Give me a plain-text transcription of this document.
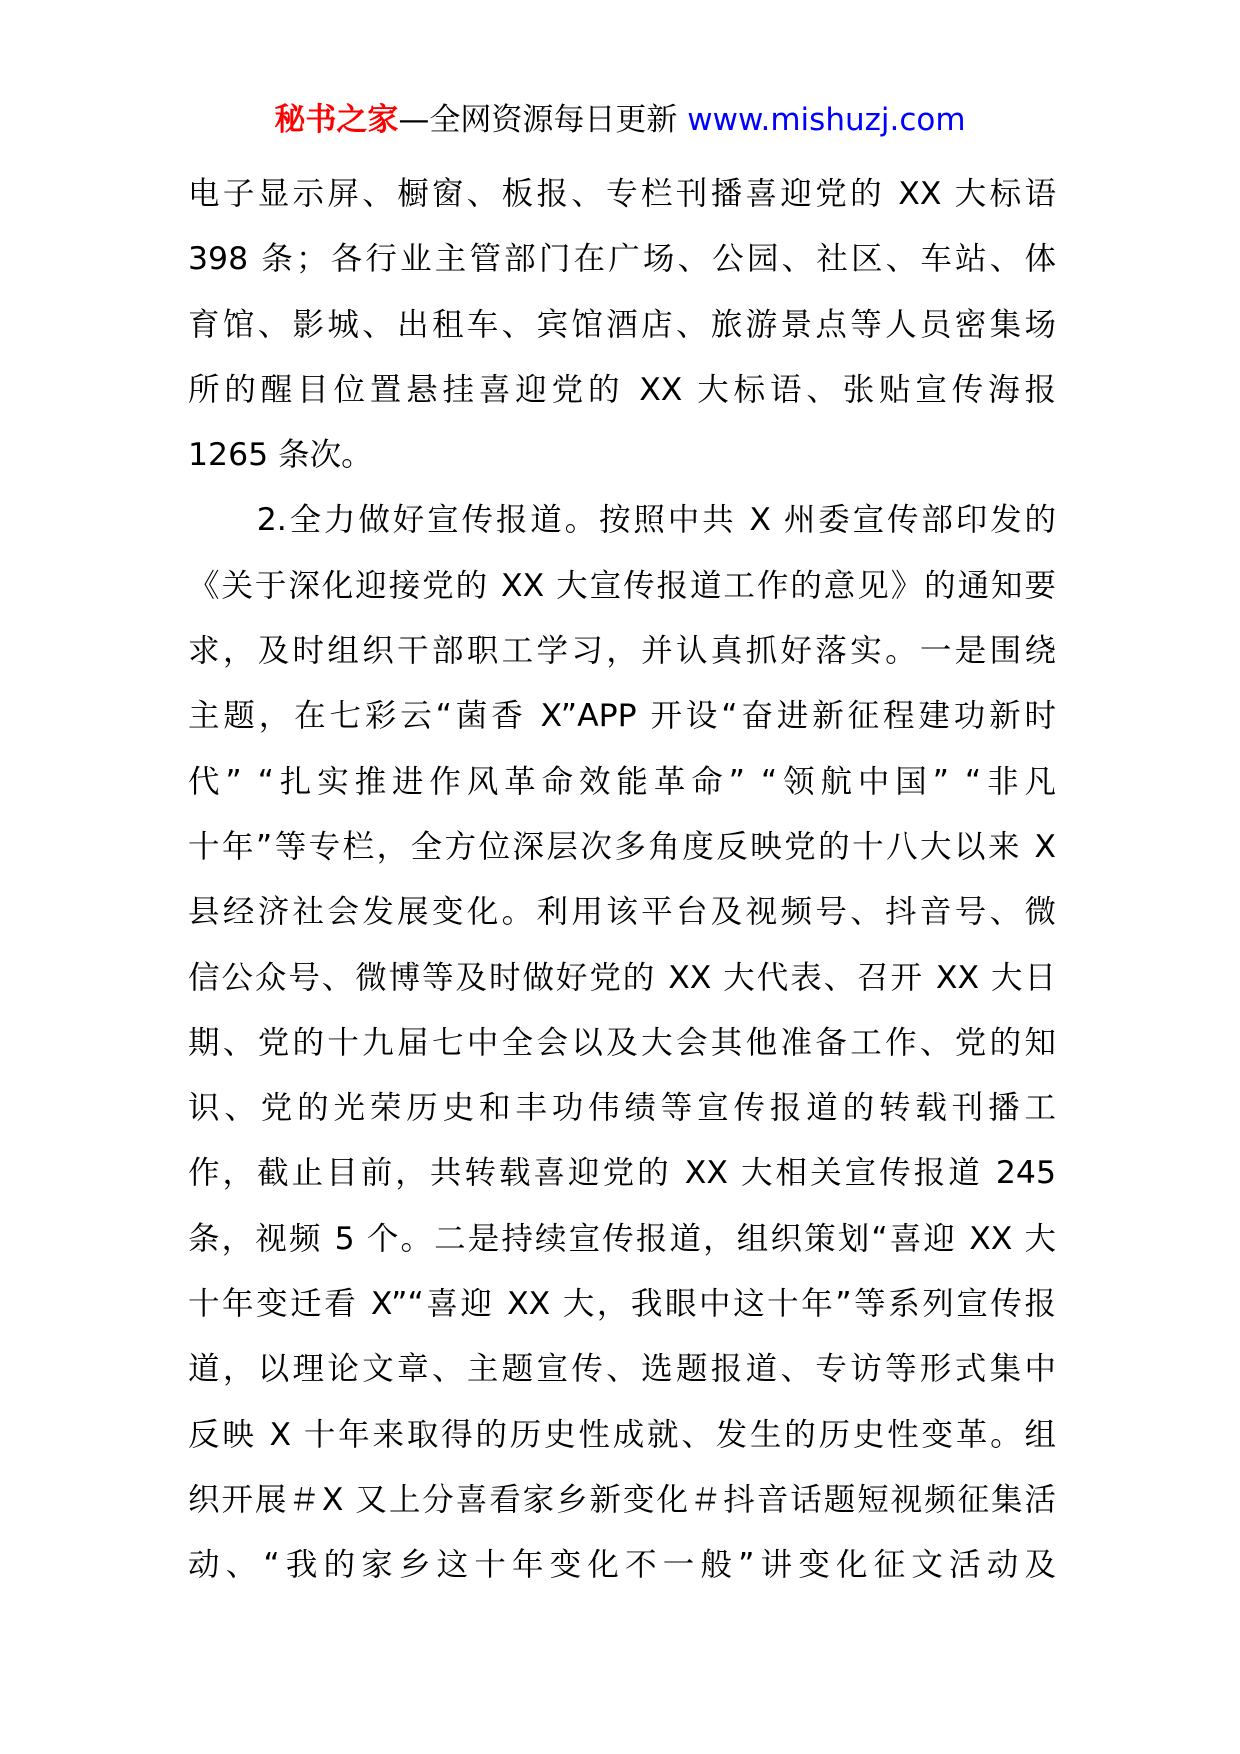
秘书之家—全网资源每日更新 www.mishuzj.com
电子显示屏、橱窗、板报、专栏刊播喜迎党的 XX 大标语
398 条；各行业主管部门在广场、公园、社区、车站、体
育馆、影城、出租车、宾馆酒店、旅游景点等人员密集场
所的醒目位置悬挂喜迎党的 XX 大标语、张贴宣传海报
1265 条次。
　　2.全力做好宣传报道。按照中共 X 州委宣传部印发的
《关于深化迎接党的 XX 大宣传报道工作的意见》的通知要
求，及时组织干部职工学习，并认真抓好落实。一是围绕
主题，在七彩云“菌香 X”APP 开设“奋进新征程建功新时
代” “扎实推进作风革命效能革命” “领航中国” “非凡
十年”等专栏，全方位深层次多角度反映党的十八大以来 X
县经济社会发展变化。利用该平台及视频号、抖音号、微
信公众号、微博等及时做好党的 XX 大代表、召开 XX 大日
期、党的十九届七中全会以及大会其他准备工作、党的知
识、党的光荣历史和丰功伟绩等宣传报道的转载刊播工
作，截止目前，共转载喜迎党的 XX 大相关宣传报道 245
条，视频 5 个。二是持续宣传报道，组织策划“喜迎 XX 大
十年变迁看 X”“喜迎 XX 大，我眼中这十年”等系列宣传报
道，以理论文章、主题宣传、选题报道、专访等形式集中
反映 X 十年来取得的历史性成就、发生的历史性变革。组
织开展＃X 又上分喜看家乡新变化＃抖音话题短视频征集活
动、“我的家乡这十年变化不一般”讲变化征文活动及
